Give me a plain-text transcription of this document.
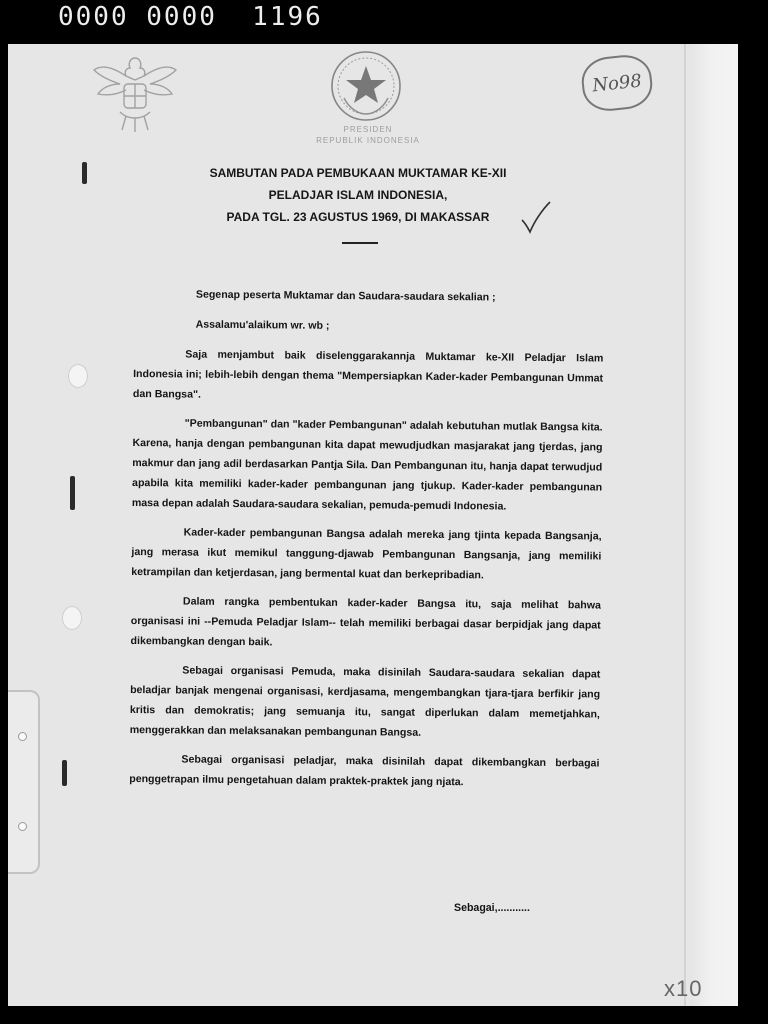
0000 0000  1196
PRESIDEN
REPUBLIK INDONESIA
No98
SAMBUTAN PADA PEMBUKAAN MUKTAMAR KE-XII
PELADJAR ISLAM INDONESIA,
PADA TGL. 23 AGUSTUS 1969, DI MAKASSAR

Segenap peserta Muktamar dan Saudara-saudara sekalian ;

Assalamu'alaikum wr. wb ;

Saja menjambut baik diselenggarakannja Muktamar ke-XII Peladjar Islam Indonesia ini; lebih-lebih dengan thema "Mempersiapkan Kader-kader Pembangunan Ummat dan Bangsa".

"Pembangunan" dan "kader Pembangunan" adalah kebutuhan mutlak Bangsa kita. Karena, hanja dengan pembangunan kita dapat mewudjudkan masjarakat jang tjerdas, jang makmur dan jang adil berdasarkan Pantja Sila. Dan Pembangunan itu, hanja dapat terwudjud apabila kita memiliki kader-kader pembangunan jang tjukup. Kader-kader pembangunan masa depan adalah Saudara-saudara sekalian, pemuda-pemudi Indonesia.

Kader-kader pembangunan Bangsa adalah mereka jang tjinta kepada Bangsanja, jang merasa ikut memikul tanggung-djawab Pembangunan Bangsanja, jang memiliki ketrampilan dan ketjerdasan, jang bermental kuat dan berkepribadian.

Dalam rangka pembentukan kader-kader Bangsa itu, saja melihat bahwa organisasi ini --Pemuda Peladjar Islam-- telah memiliki berbagai dasar berpidjak jang dapat dikembangkan dengan baik.

Sebagai organisasi Pemuda, maka disinilah Saudara-saudara sekalian dapat beladjar banjak mengenai organisasi, kerdjasama, mengembangkan tjara-tjara berfikir jang kritis dan demokratis; jang semuanja itu, sangat diperlukan dalam memetjahkan, menggerakkan dan melaksanakan pembangunan Bangsa.

Sebagai organisasi peladjar, maka disinilah dapat dikembangkan berbagai penggetrapan ilmu pengetahuan dalam praktek-praktek jang njata.

Sebagai,...........
x10
